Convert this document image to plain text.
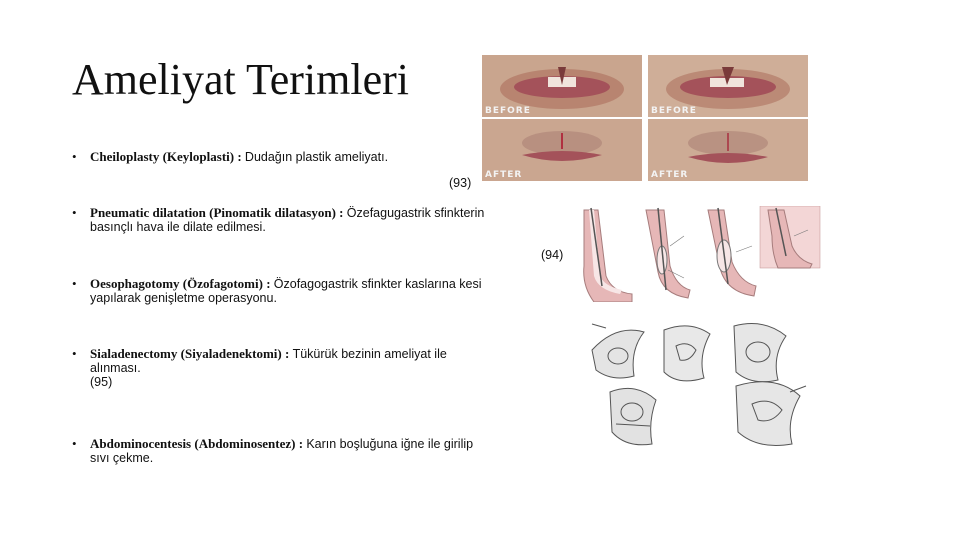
Ameliyat Terimleri
• Cheiloplasty (Keyloplasti) : Dudağın plastik ameliyatı.
(93)
• Pneumatic dilatation (Pinomatik dilatasyon) : Özefagugastrik sfinkterin
basınçlı hava ile dilate edilmesi.
(94)
• Oesophagotomy (Özofagotomi) : Özofagogastrik sfinkter kaslarına kesi
yapılarak genişletme operasyonu.
• Sialadenectomy (Siyaladenektomi) : Tükürük bezinin ameliyat ile
alınması.
(95)
• Abdominocentesis (Abdominosentez) : Karın boşluğuna iğne ile girilip
sıvı çekme.
BEFORE	BEFORE
AFTER	AFTER
